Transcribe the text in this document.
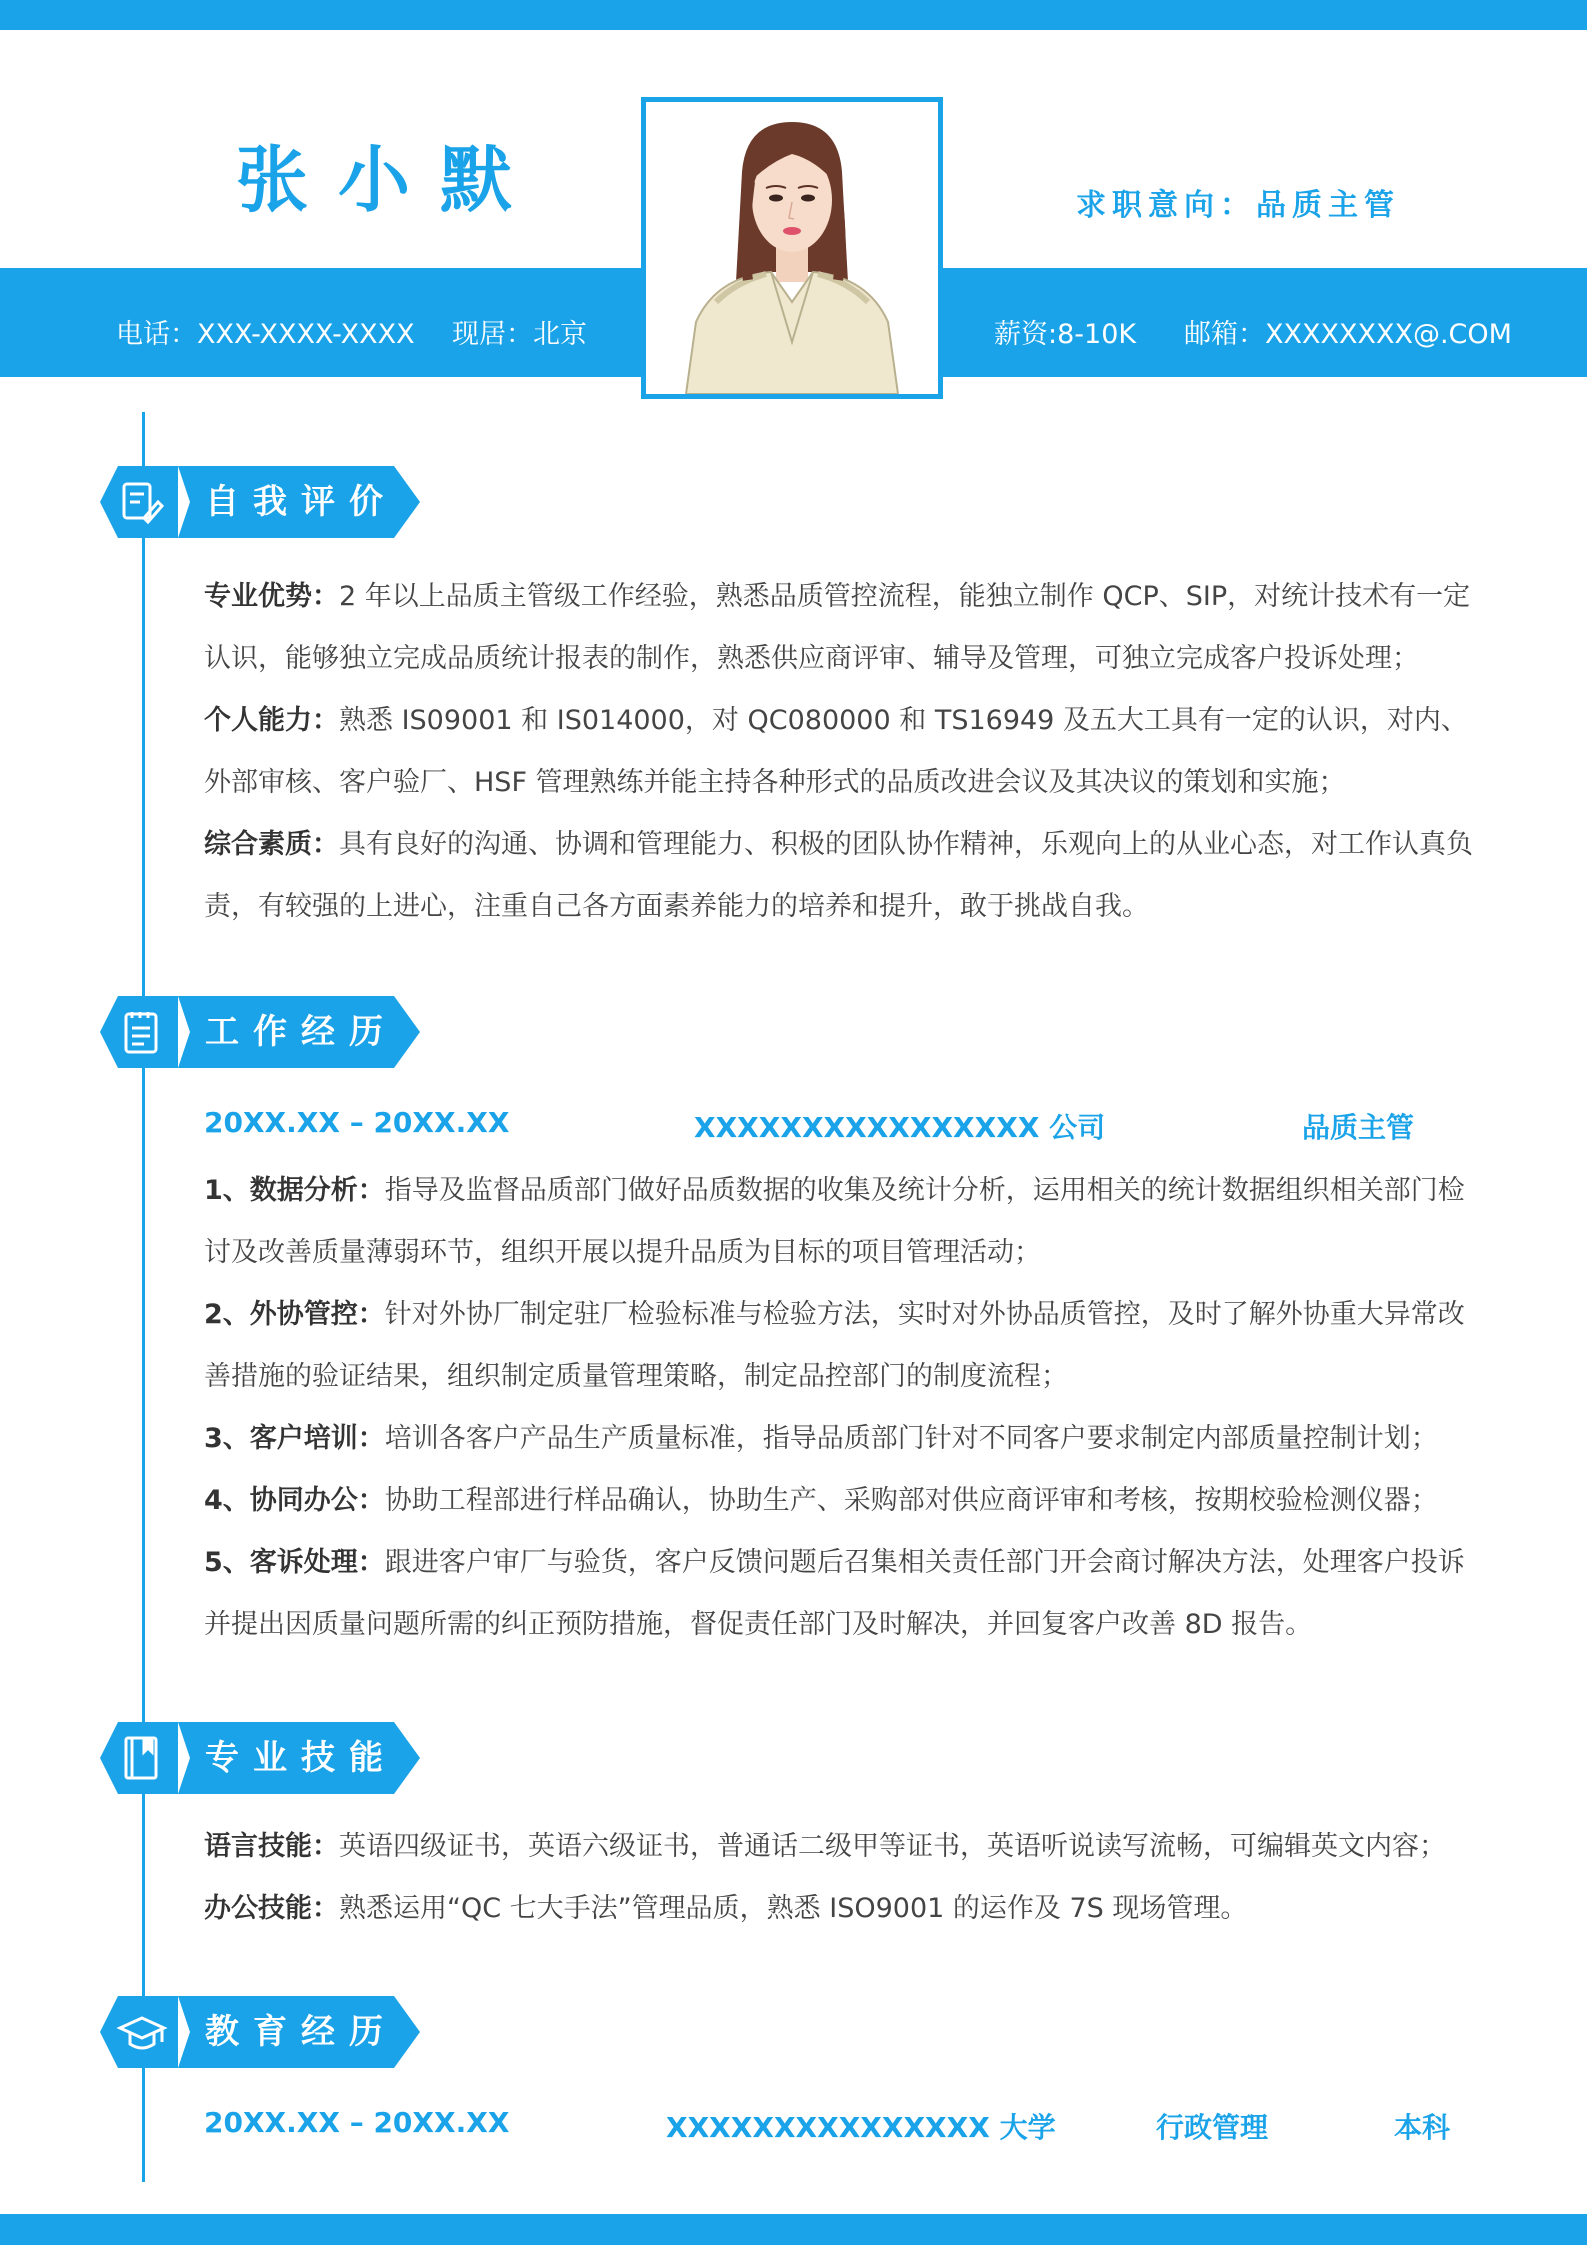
张小默	求职意向：品质主管
电话：XXX-XXXX-XXXX 现居：北京	薪资:8-10K 邮箱：XXXXXXXX@.COM
自我评价
专业优势：2 年以上品质主管级工作经验，熟悉品质管控流程，能独立制作 QCP、SIP，对统计技术有一定认识，能够独立完成品质统计报表的制作，熟悉供应商评审、辅导及管理，可独立完成客户投诉处理；
个人能力：熟悉 IS09001 和 IS014000，对 QC080000 和 TS16949 及五大工具有一定的认识，对内、外部审核、客户验厂、HSF 管理熟练并能主持各种形式的品质改进会议及其决议的策划和实施；
综合素质：具有良好的沟通、协调和管理能力、积极的团队协作精神，乐观向上的从业心态，对工作认真负责，有较强的上进心，注重自己各方面素养能力的培养和提升，敢于挑战自我。
工作经历
20XX.XX – 20XX.XX	XXXXXXXXXXXXXXXX 公司	品质主管
1、数据分析：指导及监督品质部门做好品质数据的收集及统计分析，运用相关的统计数据组织相关部门检讨及改善质量薄弱环节，组织开展以提升品质为目标的项目管理活动；
2、外协管控：针对外协厂制定驻厂检验标准与检验方法，实时对外协品质管控，及时了解外协重大异常改善措施的验证结果，组织制定质量管理策略，制定品控部门的制度流程；
3、客户培训：培训各客户产品生产质量标准，指导品质部门针对不同客户要求制定内部质量控制计划；
4、协同办公：协助工程部进行样品确认，协助生产、采购部对供应商评审和考核，按期校验检测仪器；
5、客诉处理：跟进客户审厂与验货，客户反馈问题后召集相关责任部门开会商讨解决方法，处理客户投诉并提出因质量问题所需的纠正预防措施，督促责任部门及时解决，并回复客户改善 8D 报告。
专业技能
语言技能：英语四级证书，英语六级证书，普通话二级甲等证书，英语听说读写流畅，可编辑英文内容；
办公技能：熟悉运用“QC 七大手法”管理品质，熟悉 ISO9001 的运作及 7S 现场管理。
教育经历
20XX.XX – 20XX.XX	XXXXXXXXXXXXXXX 大学	行政管理	本科
